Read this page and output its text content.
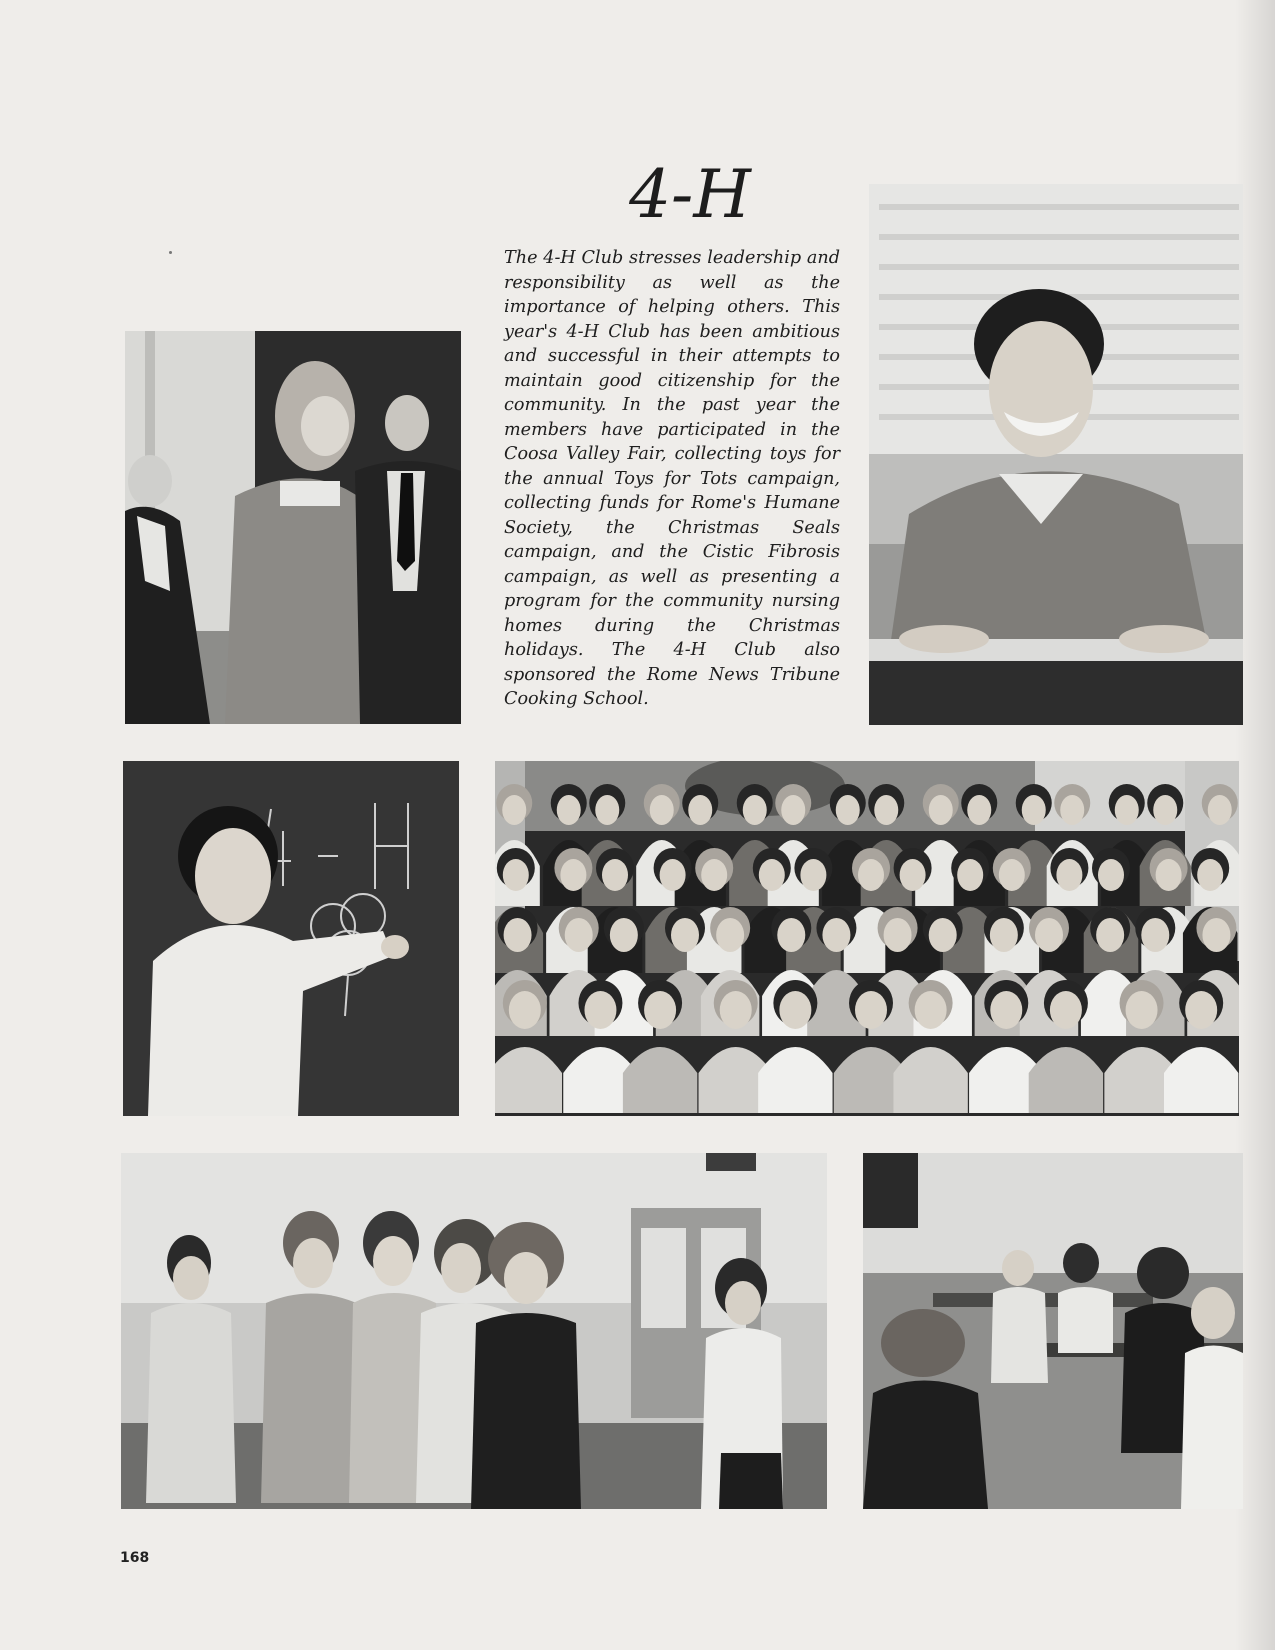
4-H
The 4-H Club stresses leadership and responsibility as well as the importance of helping others. This year's 4-H Club has been ambitious and successful in their attempts to maintain good citizenship for the community. In the past year the members have participated in the Coosa Valley Fair, collecting toys for the annual Toys for Tots campaign, collecting funds for Rome's Humane Society, the Christmas Seals campaign, and the Cistic Fibrosis campaign, as well as presenting a program for the community nursing homes during the Christmas holidays. The 4-H Club also sponsored the Rome News Tribune Cooking School.
168
